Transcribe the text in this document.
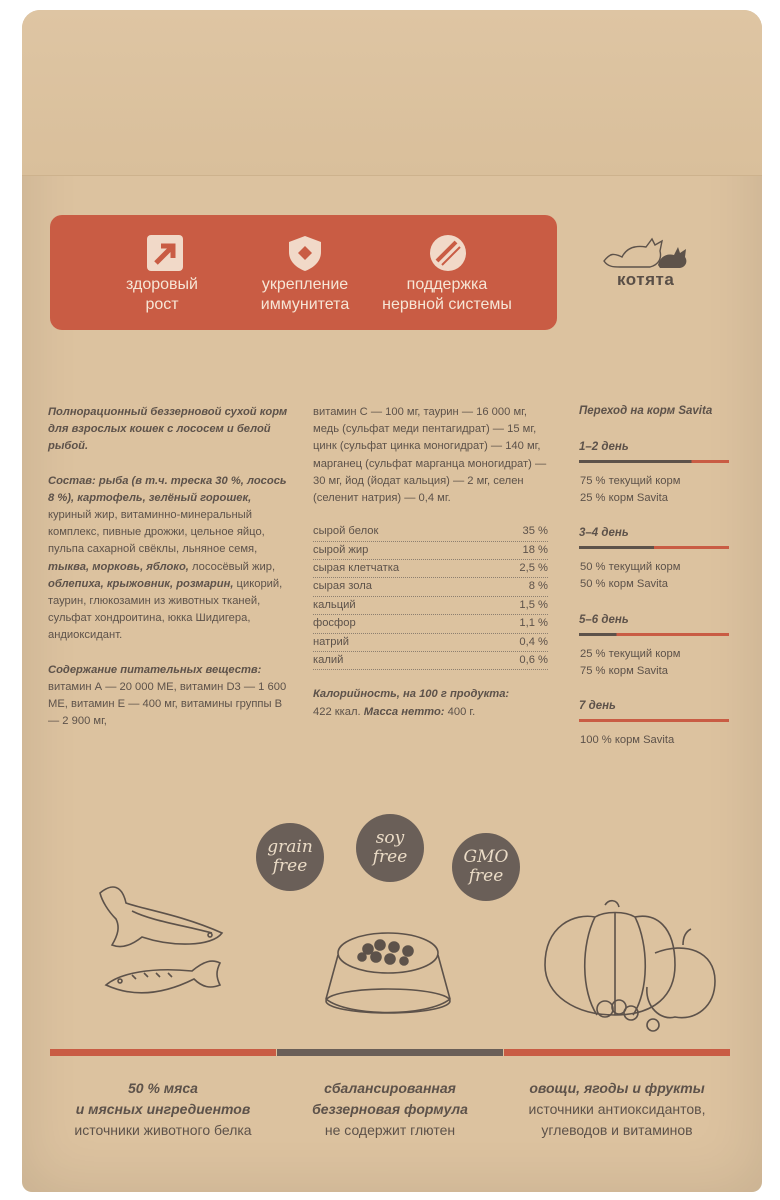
здоровый
рост
укрепление
иммунитета
поддержка
нервной системы
котята
Полнорационный беззерновой сухой корм для взрослых кошек с лососем и белой рыбой.
Состав: рыба (в т.ч. треска 30 %, лосось 8 %), картофель, зелёный горошек, куриный жир, витаминно-минеральный комплекс, пивные дрожжи, цельное яйцо, пульпа сахарной свёклы, льняное семя, тыква, морковь, яблоко, лососёвый жир, облепиха, крыжовник, розмарин, цикорий, таурин, глюкозамин из животных тканей, сульфат хондроитина, юкка Шидигера, андиоксидант.
Содержание питательных веществ:
витамин А — 20 000 МЕ, витамин D3 — 1 600 МЕ, витамин Е — 400 мг, витамины группы В — 2 900 мг,
витамин С — 100 мг, таурин — 16 000 мг, медь (сульфат меди пентагидрат) — 15 мг, цинк (сульфат цинка моногидрат) — 140 мг, марганец (сульфат марганца моногидрат) — 30 мг, йод (йодат кальция) — 2 мг, селен (селенит натрия) — 0,4 мг.
сырой белок	35 %
сырой жир	18 %
сырая клетчатка	2,5 %
сырая зола	8 %
кальций	1,5 %
фосфор	1,1 %
натрий	0,4 %
калий	0,6 %
Калорийность, на 100 г продукта:
422 ккал. Масса нетто: 400 г.
Переход на корм Savita
1–2 день
75 % текущий корм
25 % корм Savita
3–4 день
50 % текущий корм
50 % корм Savita
5–6 день
25 % текущий корм
75 % корм Savita
7 день
100 % корм Savita
grain
free
soy
free	GMO
free
50 % мяса
и мясных ингредиентов
источники животного белка
сбалансированная
беззерновая формула
не содержит глютен
овощи, ягоды и фрукты
источники антиоксидантов,
углеводов и витаминов
